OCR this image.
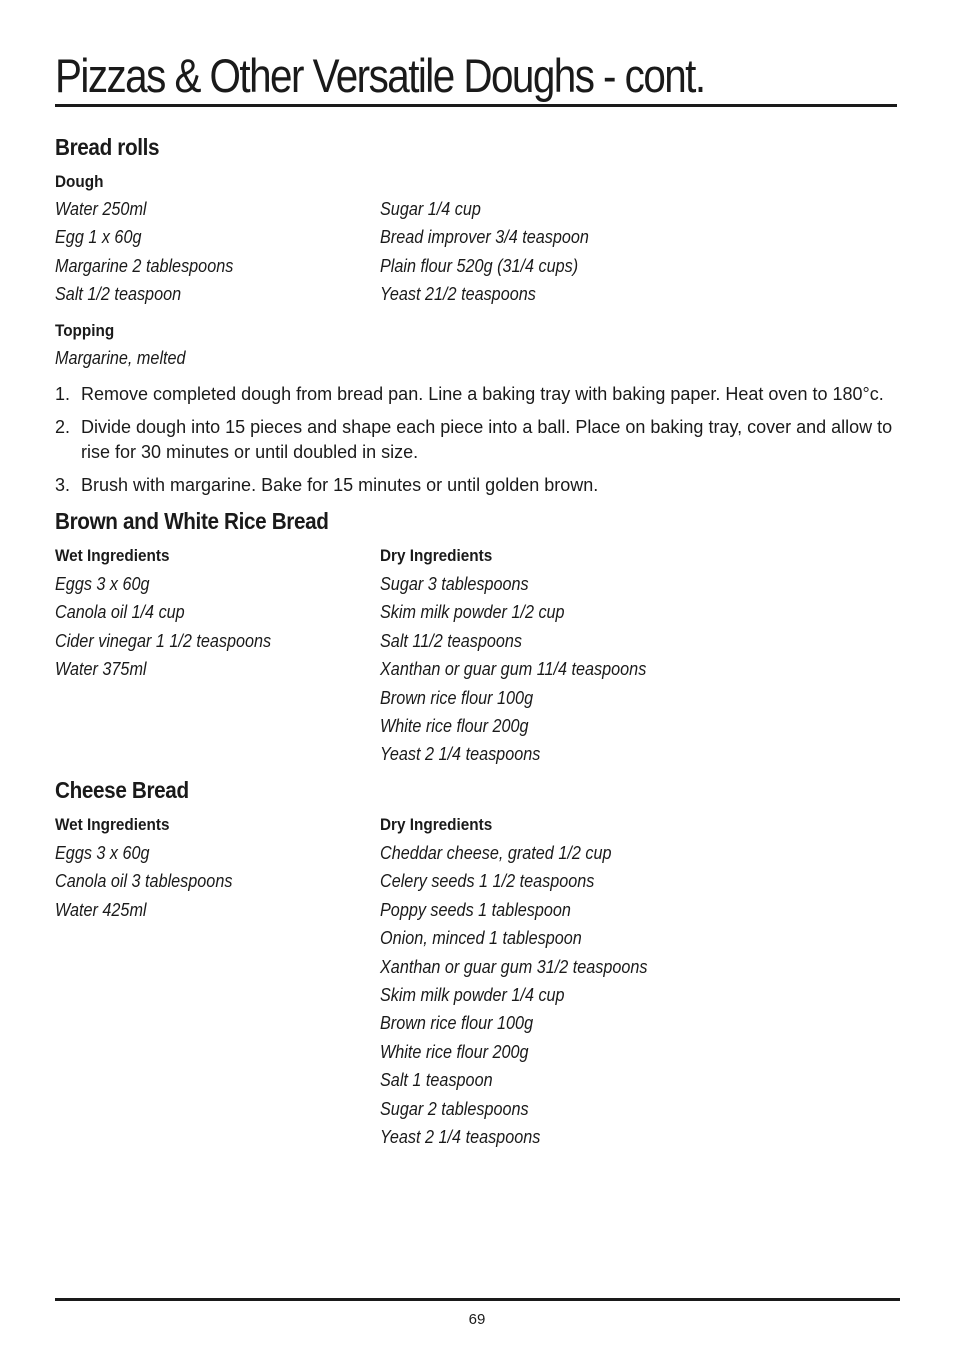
Pizzas & Other Versatile Doughs - cont.
Bread rolls
Dough
Water 250ml
Egg 1 x 60g
Margarine 2 tablespoons
Salt 1/2 teaspoon
Sugar 1/4 cup
Bread improver 3/4 teaspoon
Plain flour 520g (31/4 cups)
Yeast 21/2 teaspoons
Topping
Margarine, melted
1. Remove completed dough from bread pan. Line a baking tray with baking paper. Heat oven to 180°c.
2. Divide dough into 15 pieces and shape each piece into a ball. Place on baking tray, cover and allow to rise for 30 minutes or until doubled in size.
3. Brush with margarine. Bake for 15 minutes or until golden brown.
Brown and White Rice Bread
Wet Ingredients	Dry Ingredients
Eggs 3 x 60g
Canola oil 1/4 cup
Cider vinegar 1 1/2 teaspoons
Water 375ml
Sugar 3 tablespoons
Skim milk powder 1/2 cup
Salt 11/2 teaspoons
Xanthan or guar gum 11/4 teaspoons
Brown rice flour 100g
White rice flour 200g
Yeast 2 1/4 teaspoons
Cheese Bread
Wet Ingredients	Dry Ingredients
Eggs 3 x 60g
Canola oil 3 tablespoons
Water 425ml
Cheddar cheese, grated 1/2 cup
Celery seeds 1 1/2 teaspoons
Poppy seeds 1 tablespoon
Onion, minced 1 tablespoon
Xanthan or guar gum 31/2 teaspoons
Skim milk powder 1/4 cup
Brown rice flour 100g
White rice flour 200g
Salt 1 teaspoon
Sugar 2 tablespoons
Yeast 2 1/4 teaspoons
69
